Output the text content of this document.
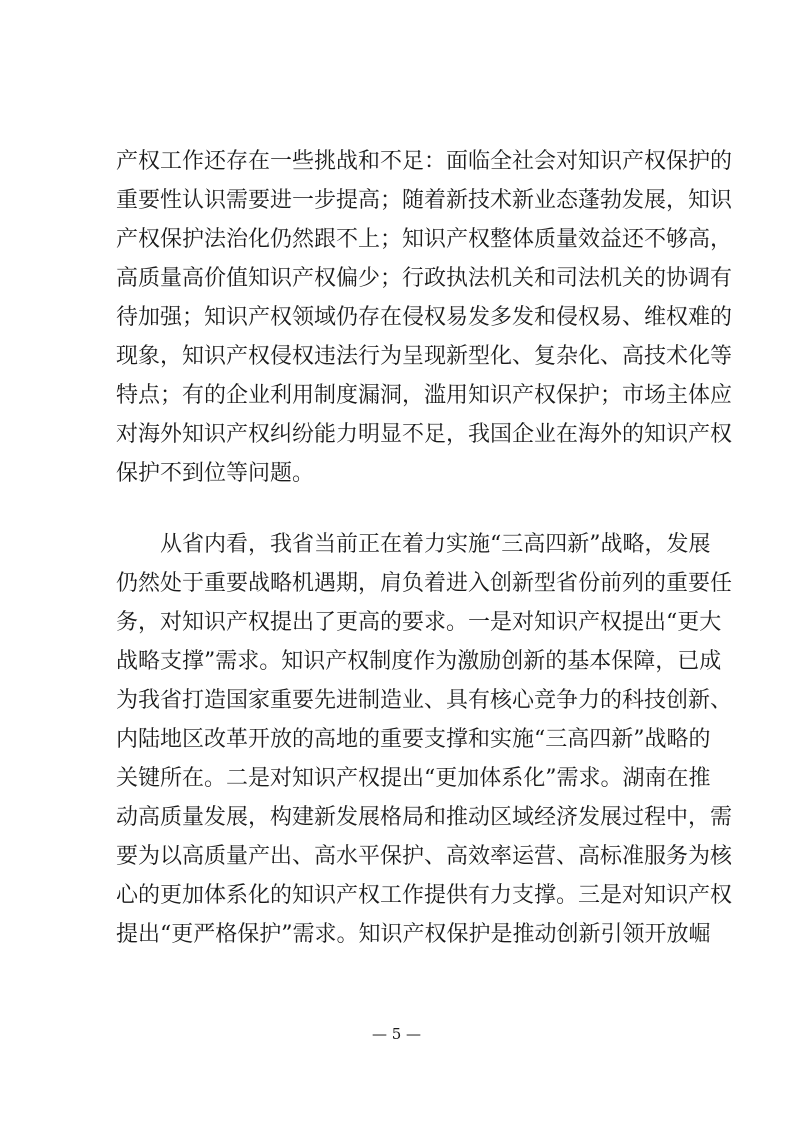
产权工作还存在一些挑战和不足：面临全社会对知识产权保护的
重要性认识需要进一步提高；随着新技术新业态蓬勃发展，知识
产权保护法治化仍然跟不上；知识产权整体质量效益还不够高，
高质量高价值知识产权偏少；行政执法机关和司法机关的协调有
待加强；知识产权领域仍存在侵权易发多发和侵权易、维权难的
现象，知识产权侵权违法行为呈现新型化、复杂化、高技术化等
特点；有的企业利用制度漏洞，滥用知识产权保护；市场主体应
对海外知识产权纠纷能力明显不足，我国企业在海外的知识产权
保护不到位等问题。
从省内看，我省当前正在着力实施“三高四新”战略，发展
仍然处于重要战略机遇期，肩负着进入创新型省份前列的重要任
务，对知识产权提出了更高的要求。一是对知识产权提出“更大
战略支撑”需求。知识产权制度作为激励创新的基本保障，已成
为我省打造国家重要先进制造业、具有核心竞争力的科技创新、
内陆地区改革开放的高地的重要支撑和实施“三高四新”战略的
关键所在。二是对知识产权提出“更加体系化”需求。湖南在推
动高质量发展，构建新发展格局和推动区域经济发展过程中，需
要为以高质量产出、高水平保护、高效率运营、高标准服务为核
心的更加体系化的知识产权工作提供有力支撑。三是对知识产权
提出“更严格保护”需求。知识产权保护是推动创新引领开放崛
— 5 —
